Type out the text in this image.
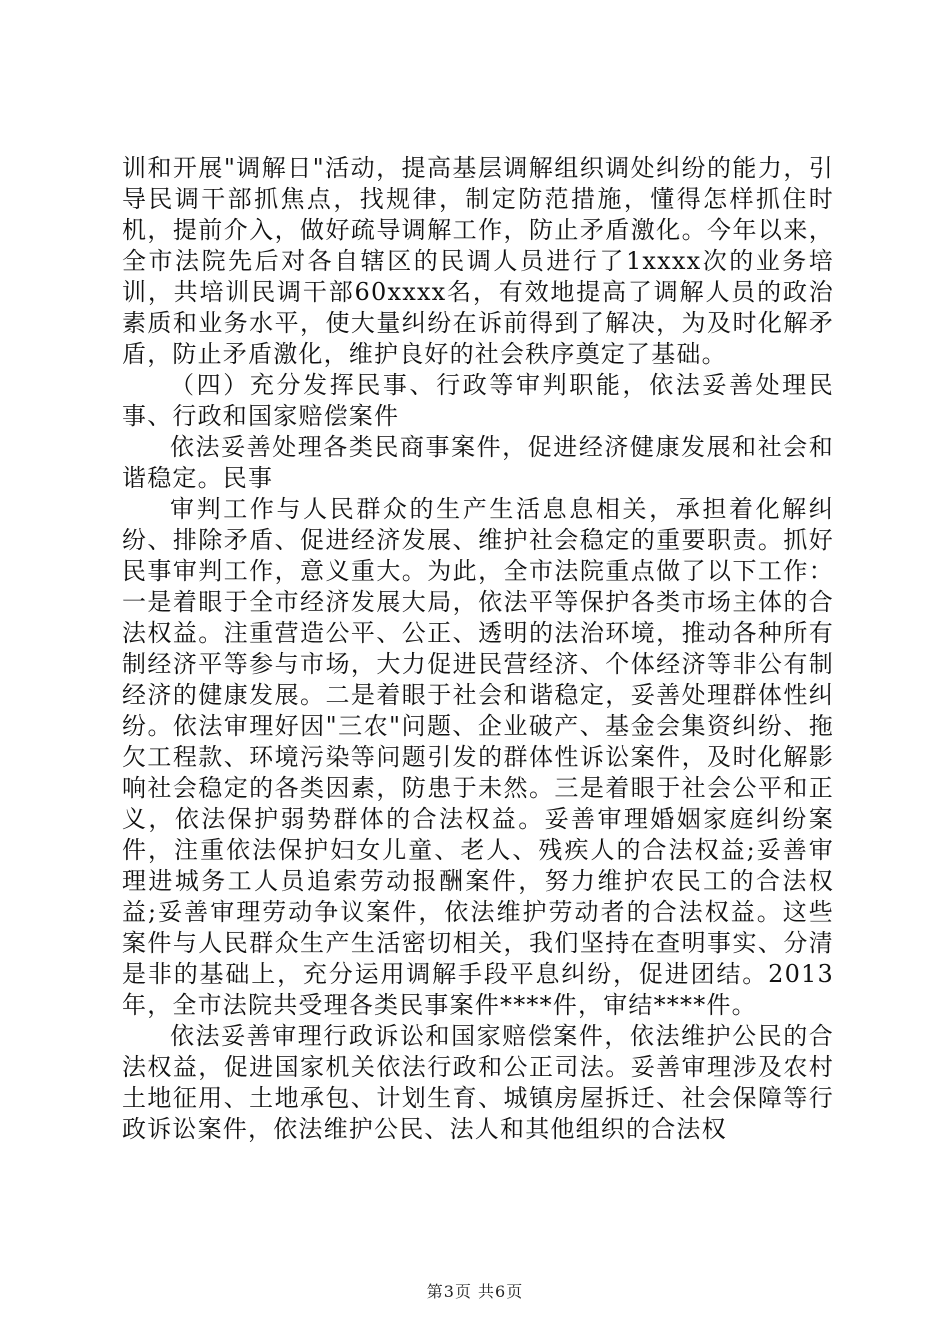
训和开展"调解日"活动，提高基层调解组织调处纠纷的能力，引导民调干部抓焦点，找规律，制定防范措施，懂得怎样抓住时机，提前介入，做好疏导调解工作，防止矛盾激化。今年以来，全市法院先后对各自辖区的民调人员进行了1xxxx次的业务培训，共培训民调干部60xxxx名，有效地提高了调解人员的政治素质和业务水平，使大量纠纷在诉前得到了解决，为及时化解矛盾，防止矛盾激化，维护良好的社会秩序奠定了基础。

（四）充分发挥民事、行政等审判职能，依法妥善处理民事、行政和国家赔偿案件

依法妥善处理各类民商事案件，促进经济健康发展和社会和谐稳定。民事

审判工作与人民群众的生产生活息息相关，承担着化解纠纷、排除矛盾、促进经济发展、维护社会稳定的重要职责。抓好民事审判工作，意义重大。为此，全市法院重点做了以下工作：一是着眼于全市经济发展大局，依法平等保护各类市场主体的合法权益。注重营造公平、公正、透明的法治环境，推动各种所有制经济平等参与市场，大力促进民营经济、个体经济等非公有制经济的健康发展。二是着眼于社会和谐稳定，妥善处理群体性纠纷。依法审理好因"三农"问题、企业破产、基金会集资纠纷、拖欠工程款、环境污染等问题引发的群体性诉讼案件，及时化解影响社会稳定的各类因素，防患于未然。三是着眼于社会公平和正义，依法保护弱势群体的合法权益。妥善审理婚姻家庭纠纷案件，注重依法保护妇女儿童、老人、残疾人的合法权益;妥善审理进城务工人员追索劳动报酬案件，努力维护农民工的合法权益;妥善审理劳动争议案件，依法维护劳动者的合法权益。这些案件与人民群众生产生活密切相关，我们坚持在查明事实、分清是非的基础上，充分运用调解手段平息纠纷，促进团结。2013年，全市法院共受理各类民事案件****件，审结****件。

依法妥善审理行政诉讼和国家赔偿案件，依法维护公民的合法权益，促进国家机关依法行政和公正司法。妥善审理涉及农村土地征用、土地承包、计划生育、城镇房屋拆迁、社会保障等行政诉讼案件，依法维护公民、法人和其他组织的合法权

第3页 共6页
